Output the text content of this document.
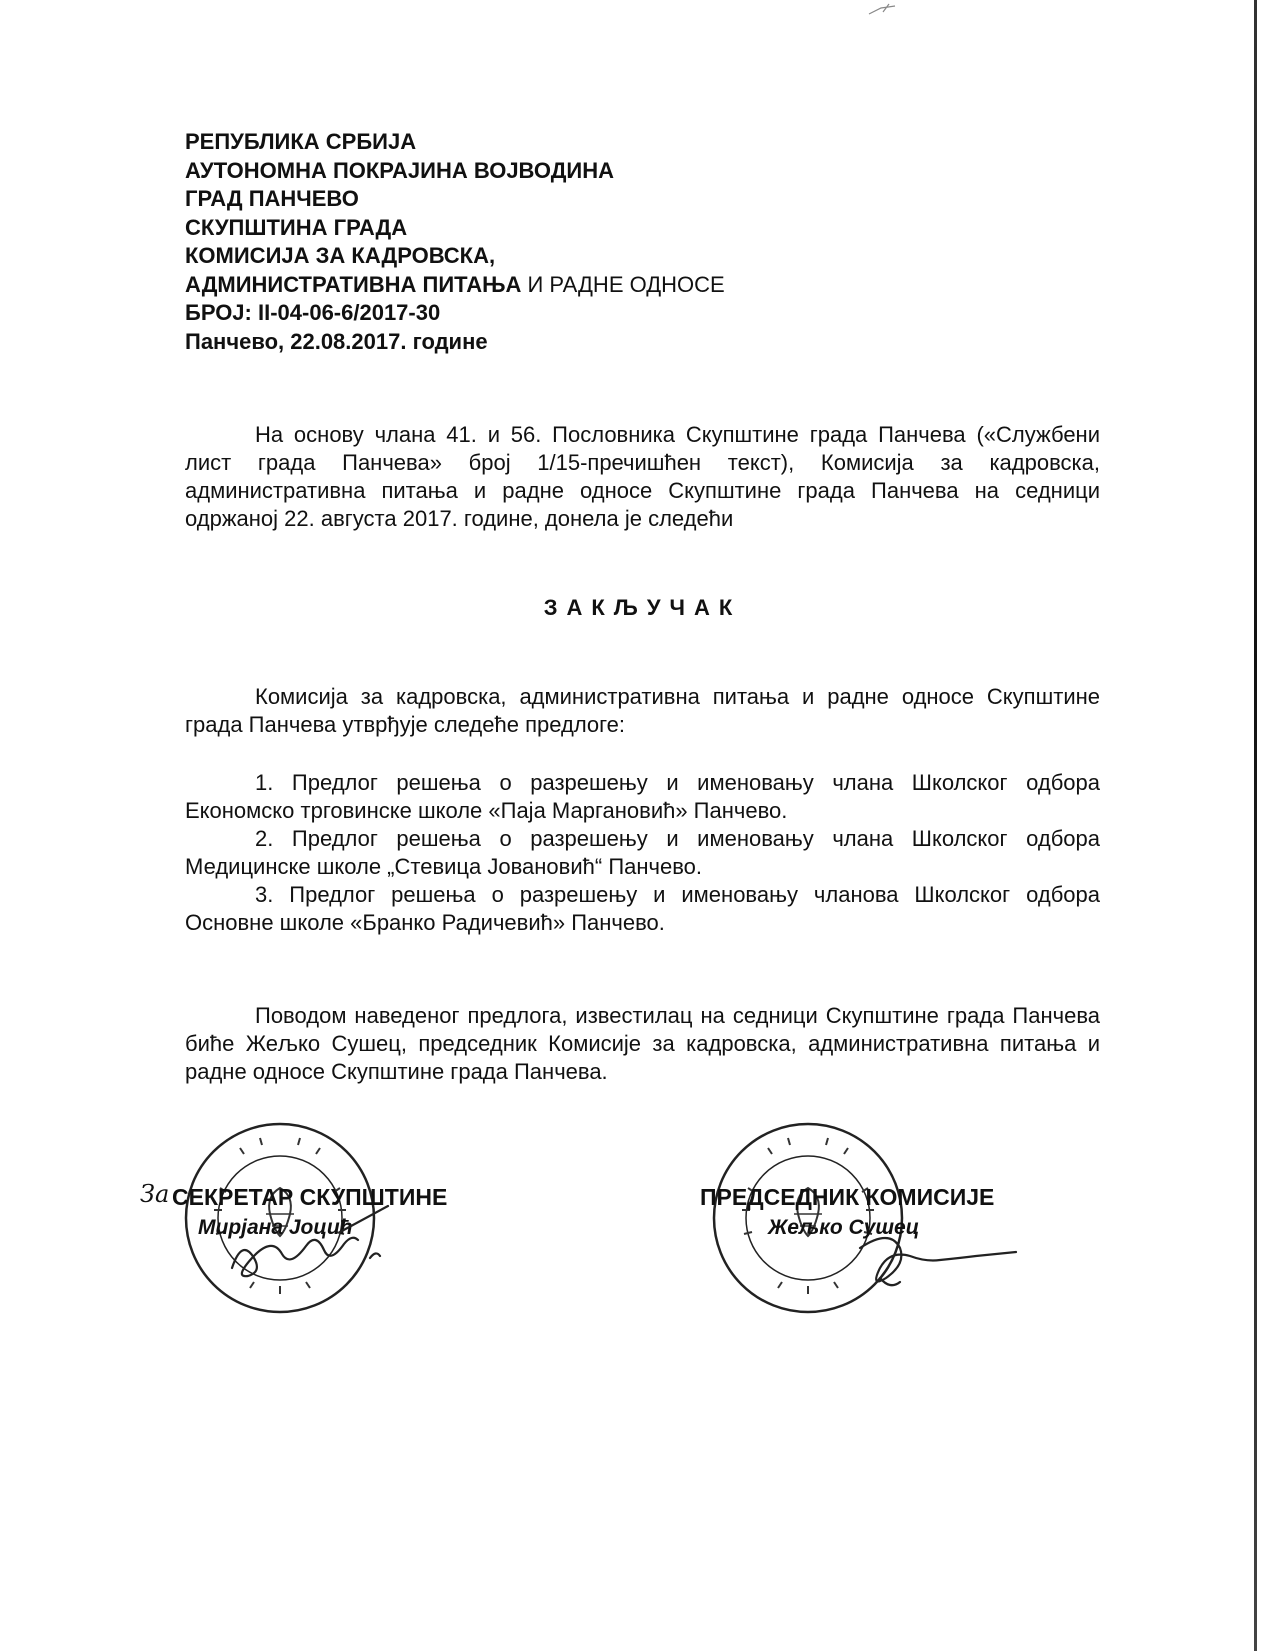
РЕПУБЛИКА СРБИЈА
АУТОНОМНА ПОКРАЈИНА ВОЈВОДИНА
ГРАД ПАНЧЕВО
СКУПШТИНА ГРАДА
КОМИСИЈА ЗА КАДРОВСКА,
АДМИНИСТРАТИВНА ПИТАЊА И РАДНЕ ОДНОСЕ
БРОЈ: II-04-06-6/2017-30
Панчево, 22.08.2017. године
На основу члана 41. и 56. Пословника Скупштине града Панчева («Службени лист града Панчева» број 1/15-пречишћен текст), Комисија за кадровска, административна питања и радне односе Скупштине града Панчева на седници одржаној 22. августа 2017. године, донела је следећи
ЗАКЉУЧАК
Комисија за кадровска, административна питања и радне односе Скупштине града Панчева утврђује следеће предлоге:
1. Предлог решења о разрешењу и именовању члана Школског одбора Економско трговинске школе «Паја Маргановић» Панчево.
2. Предлог решења о разрешењу и именовању члана Школског одбора Медицинске школе „Стевица Јовановић“ Панчево.
3. Предлог решења о разрешењу и именовању чланова Школског одбора Основне школе «Бранко Радичевић» Панчево.
Поводом наведеног предлога, известилац на седници Скупштине града Панчева биће Жељко Сушец, председник Комисије за кадровска, административна питања и радне односе Скупштине града Панчева.
За СЕКРЕТАР СКУПШТИНЕ
Мирјана Јоцић
ПРЕДСЕДНИК КОМИСИЈЕ
Жељко Сушец
